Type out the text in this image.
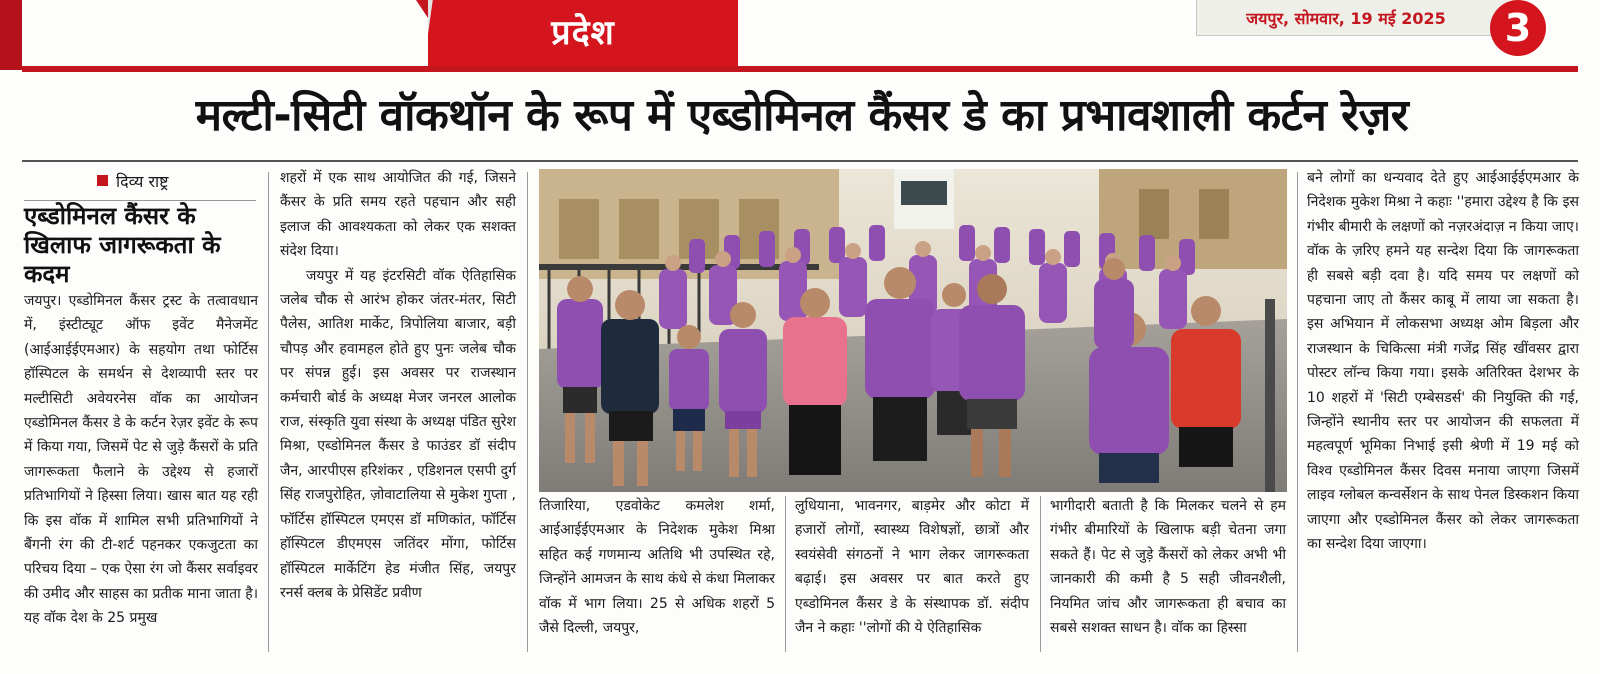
प्रदेश	जयपुर, सोमवार, 19 मई 2025	3
मल्टी-सिटी वॉकथॉन के रूप में एब्डोमिनल कैंसर डे का प्रभावशाली कर्टन रेज़र
दिव्य राष्ट्र
एब्डोमिनल कैंसर के खिलाफ जागरूकता के कदम

जयपुर। एब्डोमिनल कैंसर ट्रस्ट के तत्वावधान में, इंस्टीट्यूट ऑफ इवेंट मैनेजमेंट (आईआईईएमआर) के सहयोग तथा फोर्टिस हॉस्पिटल के समर्थन से देशव्यापी स्तर पर मल्टीसिटी अवेयरनेस वॉक का आयोजन एब्डोमिनल कैंसर डे के कर्टन रेज़र इवेंट के रूप में किया गया, जिसमें पेट से जुड़े कैंसरों के प्रति जागरूकता फैलाने के उद्देश्य से हजारों प्रतिभागियों ने हिस्सा लिया। खास बात यह रही कि इस वॉक में शामिल सभी प्रतिभागियों ने बैंगनी रंग की टी-शर्ट पहनकर एकजुटता का परिचय दिया – एक ऐसा रंग जो कैंसर सर्वाइवर की उमीद और साहस का प्रतीक माना जाता है। यह वॉक देश के 25 प्रमुख

शहरों में एक साथ आयोजित की गई, जिसने कैंसर के प्रति समय रहते पहचान और सही इलाज की आवश्यकता को लेकर एक सशक्त संदेश दिया।

जयपुर में यह इंटरसिटी वॉक ऐतिहासिक जलेब चौक से आरंभ होकर जंतर-मंतर, सिटी पैलेस, आतिश मार्केट, त्रिपोलिया बाजार, बड़ी चौपड़ और हवामहल होते हुए पुनः जलेब चौक पर संपन्न हुई। इस अवसर पर राजस्थान कर्मचारी बोर्ड के अध्यक्ष मेजर जनरल आलोक राज, संस्कृति युवा संस्था के अध्यक्ष पंडित सुरेश मिश्रा, एब्डोमिनल कैंसर डे फाउंडर डॉ संदीप जैन, आरपीएस हरिशंकर , एडिशनल एसपी दुर्ग सिंह राजपुरोहित, ज़ोवाटालिया से मुकेश गुप्ता , फॉर्टिस हॉस्पिटल एमएस डॉ मणिकांत, फॉर्टिस हॉस्पिटल डीएमएस जतिंदर मोंगा, फोर्टिस हॉस्पिटल मार्केटिंग हेड मंजीत सिंह, जयपुर रनर्स क्लब के प्रेसिडेंट प्रवीण

तिजारिया, एडवोकेट कमलेश शर्मा, आईआईईएमआर के निदेशक मुकेश मिश्रा सहित कई गणमान्य अतिथि भी उपस्थित रहे, जिन्होंने आमजन के साथ कंधे से कंधा मिलाकर वॉक में भाग लिया। 25 से अधिक शहरों 5 जैसे दिल्ली, जयपुर,

लुधियाना, भावनगर, बाड़मेर और कोटा में हजारों लोगों, स्वास्थ्य विशेषज्ञों, छात्रों और स्वयंसेवी संगठनों ने भाग लेकर जागरूकता बढ़ाई। इस अवसर पर बात करते हुए एब्डोमिनल कैंसर डे के संस्थापक डॉ. संदीप जैन ने कहाः ''लोगों की ये ऐतिहासिक

भागीदारी बताती है कि मिलकर चलने से हम गंभीर बीमारियों के खिलाफ बड़ी चेतना जगा सकते हैं। पेट से जुड़े कैंसरों को लेकर अभी भी जानकारी की कमी है 5 सही जीवनशैली, नियमित जांच और जागरूकता ही बचाव का सबसे सशक्त साधन है। वॉक का हिस्सा

बने लोगों का धन्यवाद देते हुए आईआईईएमआर के निदेशक मुकेश मिश्रा ने कहाः ''हमारा उद्देश्य है कि इस गंभीर बीमारी के लक्षणों को नज़रअंदाज़ न किया जाए। वॉक के ज़रिए हमने यह सन्देश दिया कि जागरूकता ही सबसे बड़ी दवा है। यदि समय पर लक्षणों को पहचाना जाए तो कैंसर काबू में लाया जा सकता है। इस अभियान में लोकसभा अध्यक्ष ओम बिड़ला और राजस्थान के चिकित्सा मंत्री गजेंद्र सिंह खींवसर द्वारा पोस्टर लॉन्च किया गया। इसके अतिरिक्त देशभर के 10 शहरों में 'सिटी एम्बेसडर्स' की नियुक्ति की गई, जिन्होंने स्थानीय स्तर पर आयोजन की सफलता में महत्वपूर्ण भूमिका निभाई इसी श्रेणी में 19 मई को विश्व एब्डोमिनल कैंसर दिवस मनाया जाएगा जिसमें लाइव ग्लोबल कन्वर्सेशन के साथ पेनल डिस्कशन किया जाएगा और एब्डोमिनल कैंसर को लेकर जागरूकता का सन्देश दिया जाएगा।
